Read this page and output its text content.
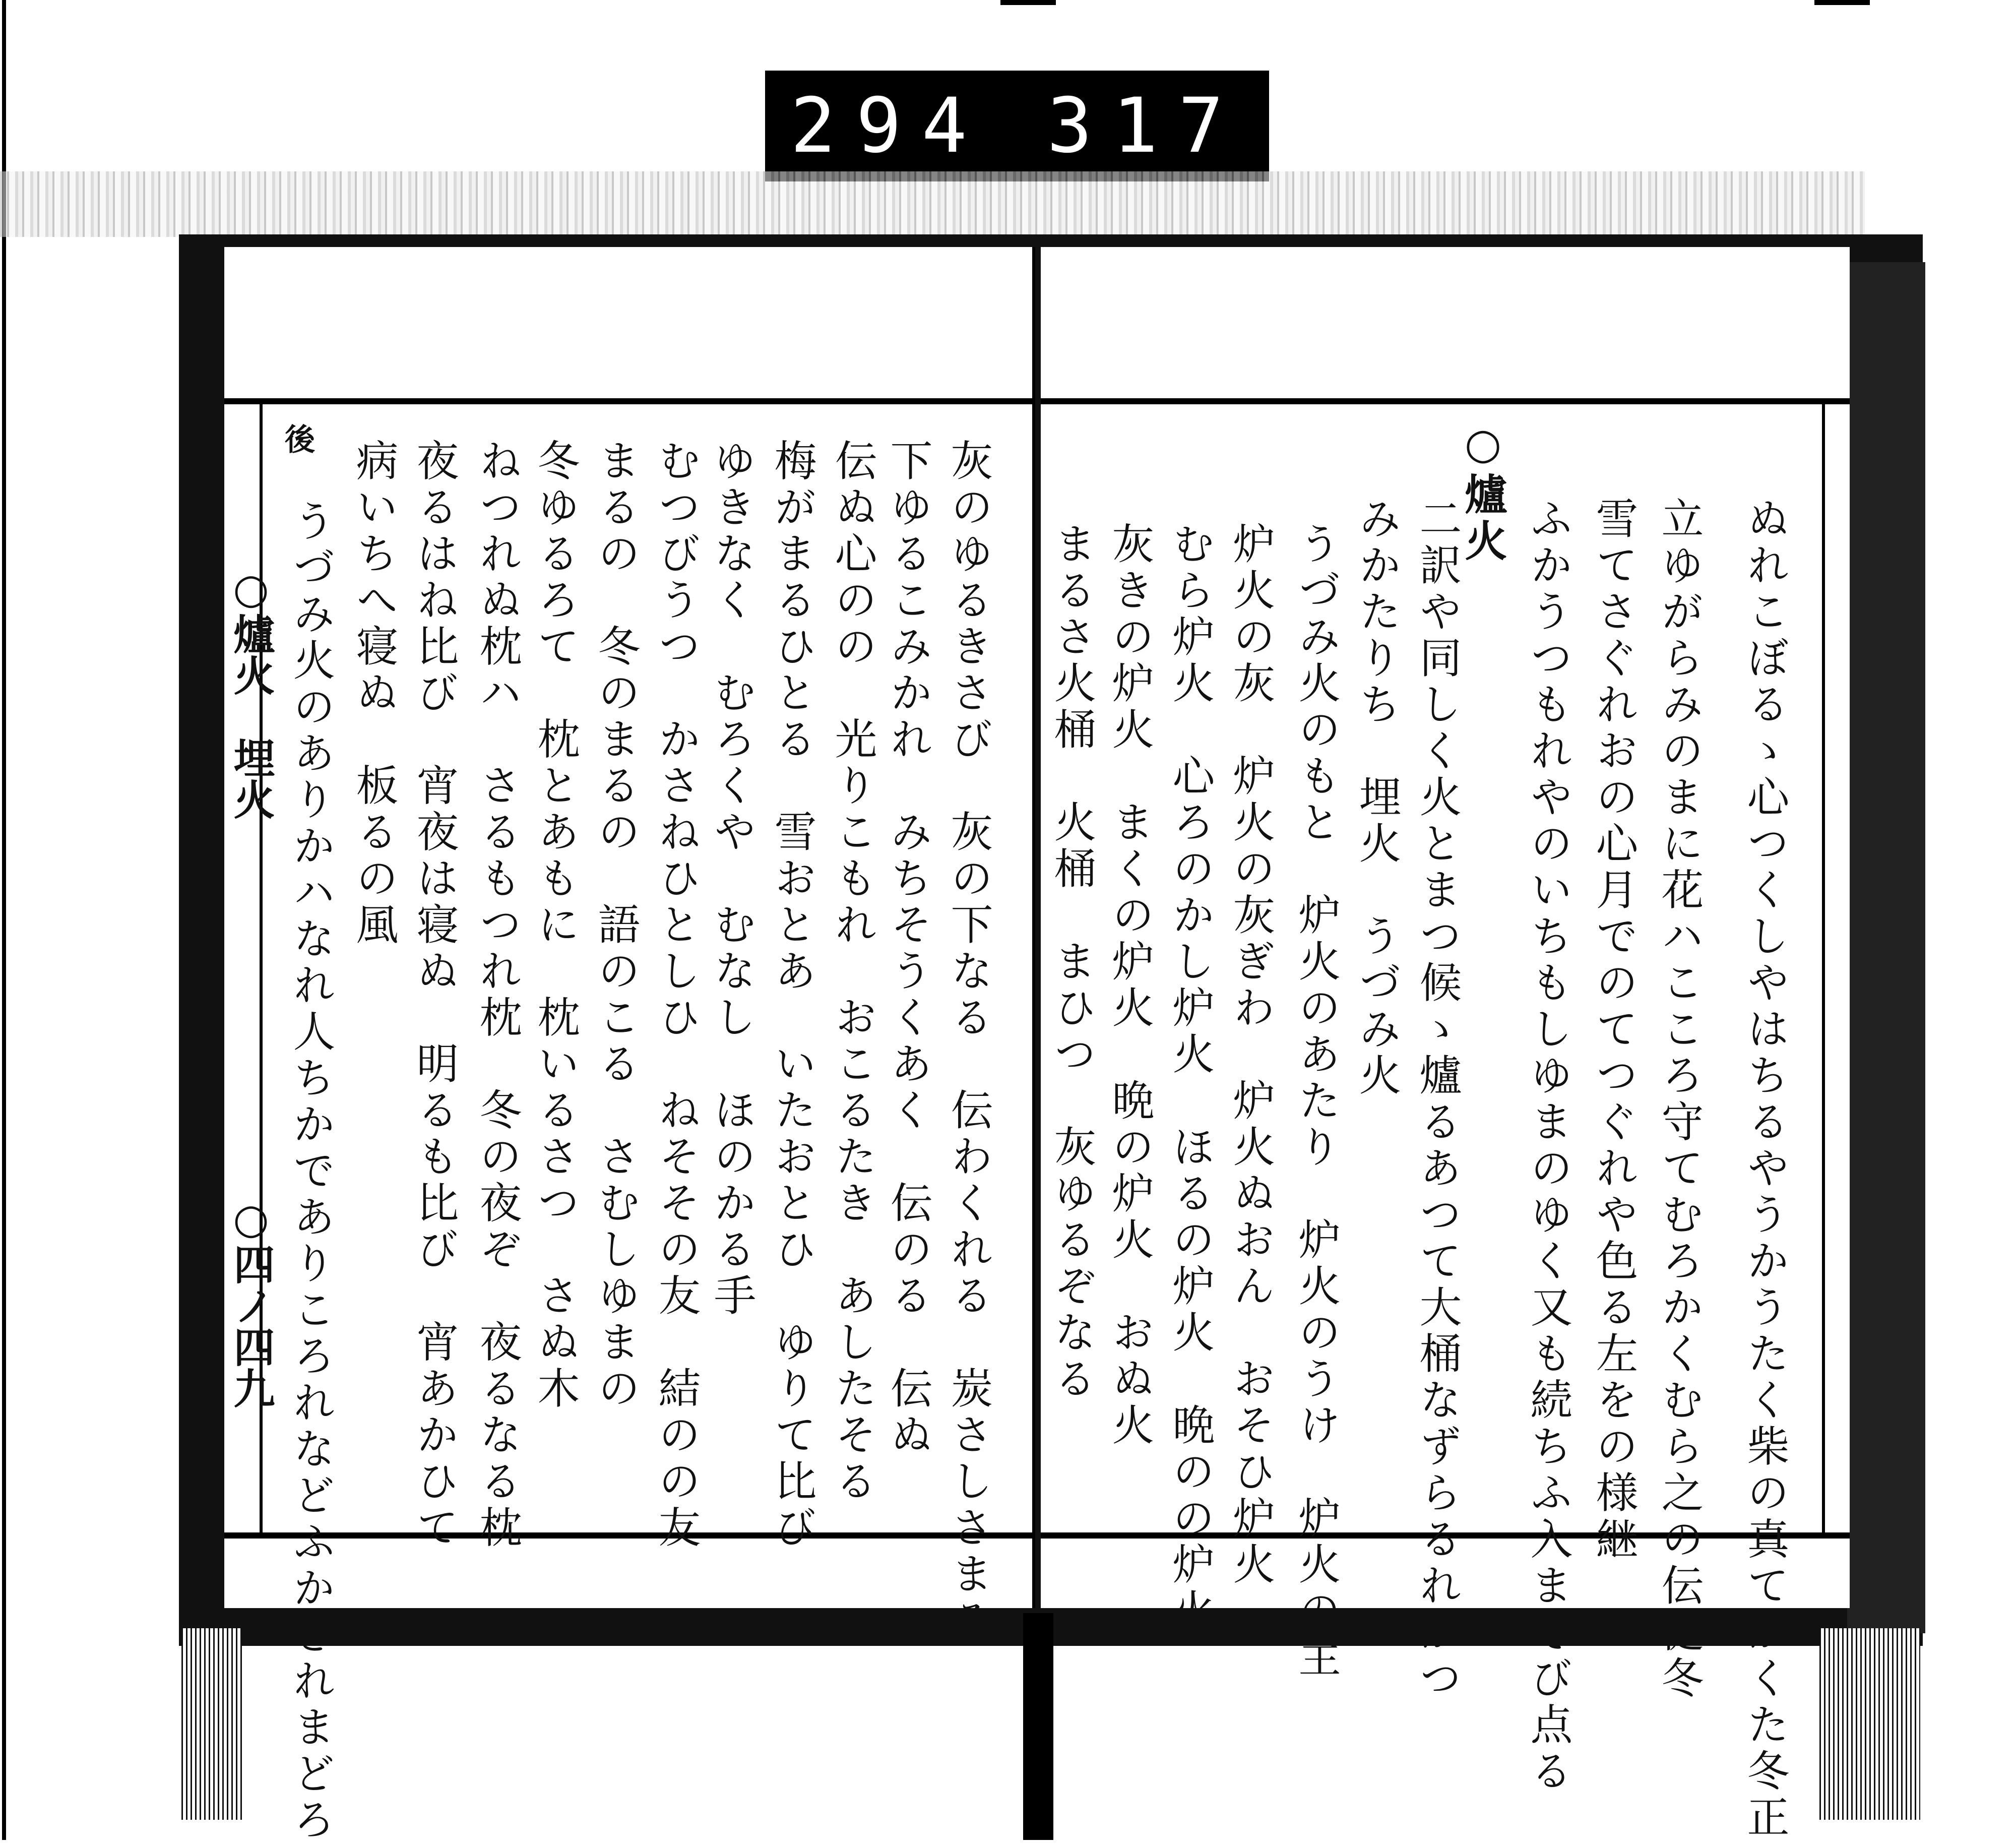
294 317
ぬれこぼるゝ心つくしやはちるやうかうたく柴の真てかくた冬正
立ゆがらみのまに花ハこころ守てむろかくむら之の伝健冬
雪てさぐれおの心月でのてつぐれや色る左をの様継
ふかうつもれやのいちもしゆまのゆく又も続ちふ入まそび点る
○爐火
二訳や同しく火とまつ候ゝ爐るあつて大桶なずらるれかつ
みかたりち　埋火　うづみ火
うづみ火のもと　炉火のあたり　炉火のうけ　炉火の主
炉火の灰　炉火の灰ぎわ　炉火ぬおん　おそひ炉火
むら炉火　心ろのかし炉火　ほるの炉火　晩のの炉火
灰きの炉火　まくの炉火　晩の炉火　おぬ火
まるさ火桶　火桶　まひつ　灰ゆるぞなる
後	灰のゆるきさび　灰の下なる　伝わくれる　炭さしさまる
下ゆるこみかれ　みちそうくあく　伝のる　伝ぬ
伝ぬ心のの　光りこもれ　おこるたき　あしたそる
梅がまるひとる　雪おとあ　いたおとひ　ゆりて比び
ゆきなく　むろくや　むなし　ほのかる手
むつびうつ　かさねひとしひ　ねそその友　結のの友
まるの　冬のまるの　語のこる　さむしゆまの
冬ゆるろて　枕とあもに　枕いるさつ　さぬ木
ねつれぬ枕ハ　さるもつれ枕　冬の夜ぞ　夜るなる枕
夜るはね比び　宵夜は寝ぬ　明るも比び　宵あかひて
病いちへ寝ぬ　板るの風
うづみ火のありかハなれ人ちかでありころれなどふかされまどろ
○爐火　埋火
○四ノ四九
